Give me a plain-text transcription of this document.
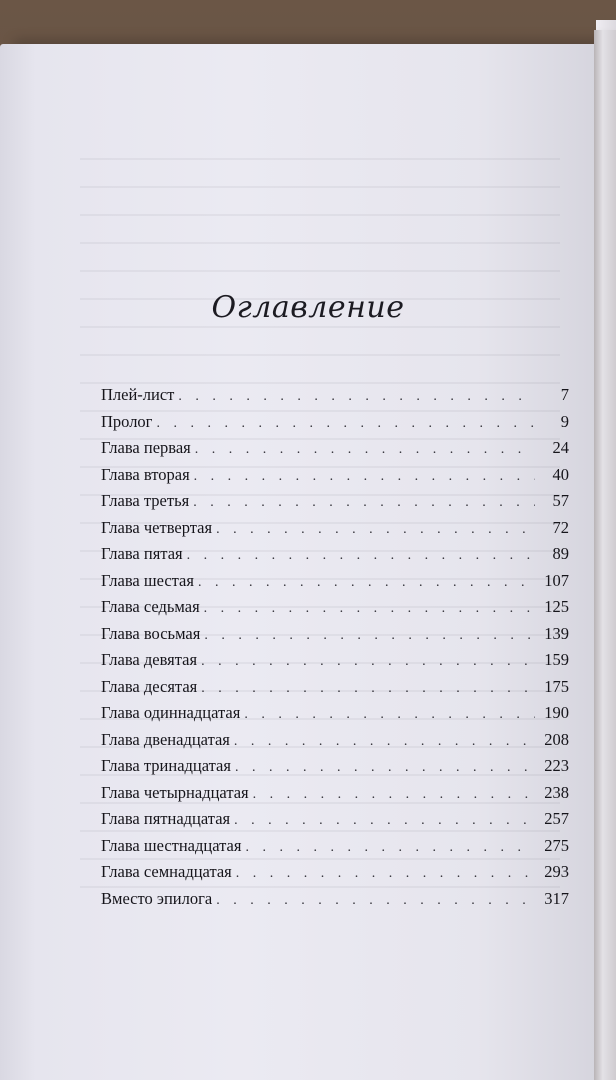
Оглавление
Плей-лист . . .	7
Пролог . . .	9
Глава первая . . .	24
Глава вторая . . .	40
Глава третья . . .	57
Глава четвертая . . .	72
Глава пятая . . .	89
Глава шестая . . .	107
Глава седьмая . . .	125
Глава восьмая . . .	139
Глава девятая . . .	159
Глава десятая . . .	175
Глава одиннадцатая . . .	190
Глава двенадцатая . . .	208
Глава тринадцатая . . .	223
Глава четырнадцатая . . .	238
Глава пятнадцатая . . .	257
Глава шестнадцатая . . .	275
Глава семнадцатая . . .	293
Вместо эпилога . . .	317
